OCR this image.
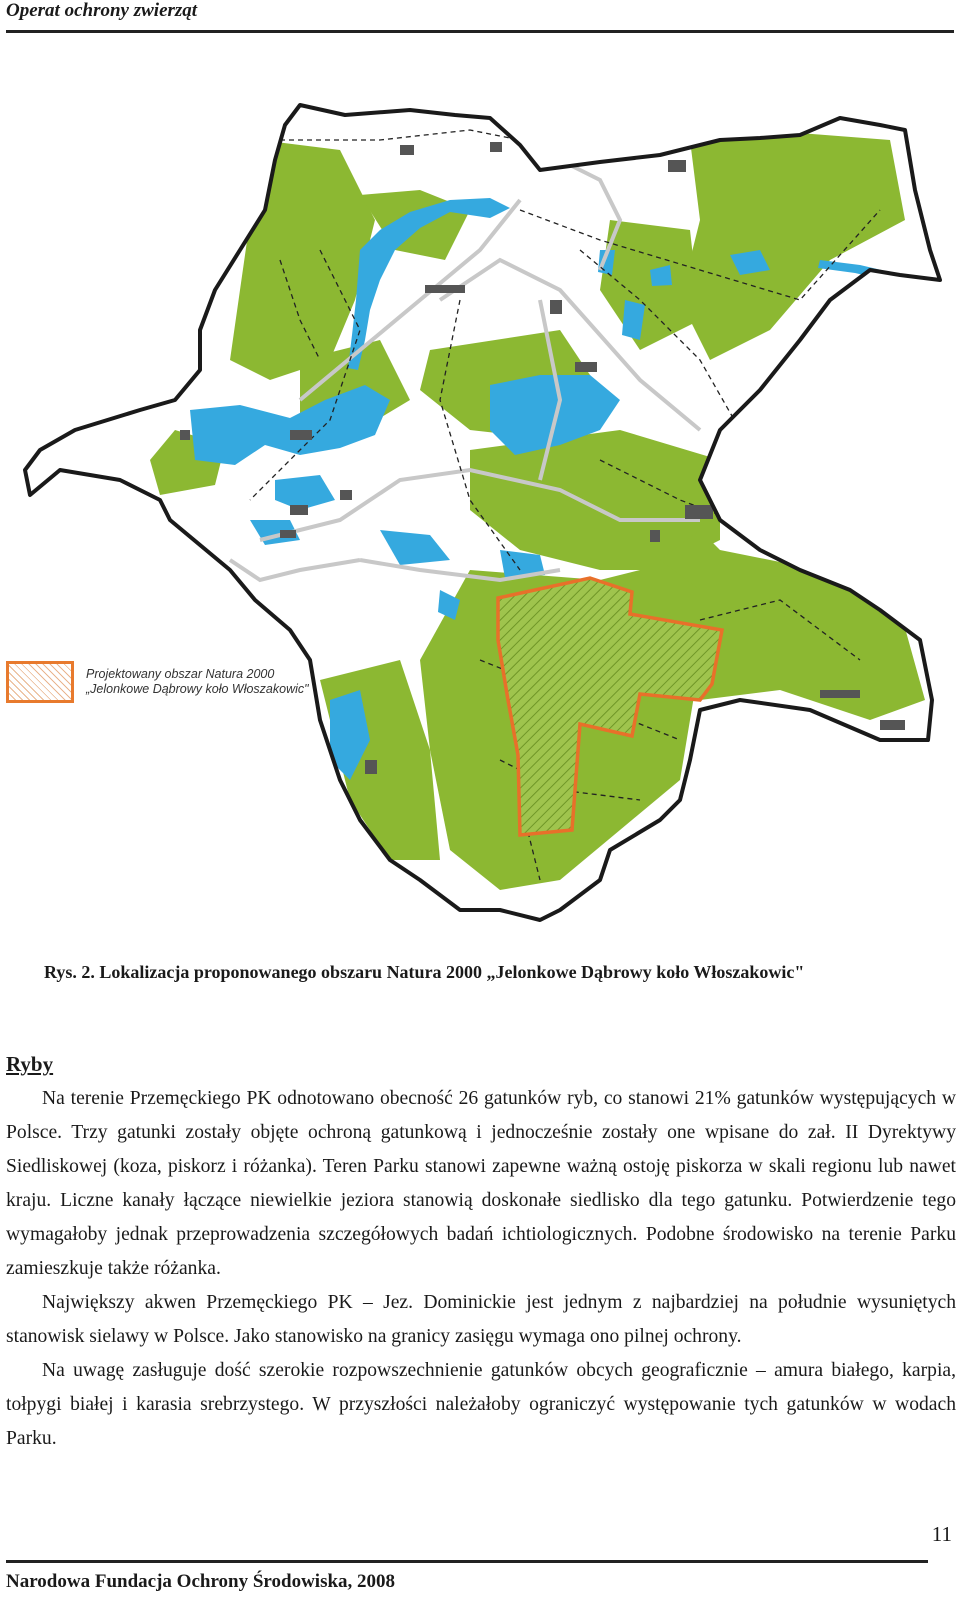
Operat ochrony zwierząt
Projektowany obszar Natura 2000
„Jelonkowe Dąbrowy koło Włoszakowic"
Rys. 2. Lokalizacja proponowanego obszaru Natura 2000 „Jelonkowe Dąbrowy koło Włoszakowic"
Ryby

Na terenie Przemęckiego PK odnotowano obecność 26 gatunków ryb, co stanowi 21% gatunków występujących w Polsce. Trzy gatunki zostały objęte ochroną gatunkową i jednocześnie zostały one wpisane do zał. II Dyrektywy Siedliskowej (koza, piskorz i różanka). Teren Parku stanowi zapewne ważną ostoję piskorza w skali regionu lub nawet kraju. Liczne kanały łączące niewielkie jeziora stanowią doskonałe siedlisko dla tego gatunku. Potwierdzenie tego wymagałoby jednak przeprowadzenia szczegółowych badań ichtiologicznych. Podobne środowisko na terenie Parku zamieszkuje także różanka.

Największy akwen Przemęckiego PK – Jez. Dominickie jest jednym z najbardziej na południe wysuniętych stanowisk sielawy w Polsce. Jako stanowisko na granicy zasięgu wymaga ono pilnej ochrony.

Na uwagę zasługuje dość szerokie rozpowszechnienie gatunków obcych geograficznie – amura białego, karpia, tołpygi białej i karasia srebrzystego. W przyszłości należałoby ograniczyć występowanie tych gatunków w wodach Parku.

11
Narodowa Fundacja Ochrony Środowiska, 2008
